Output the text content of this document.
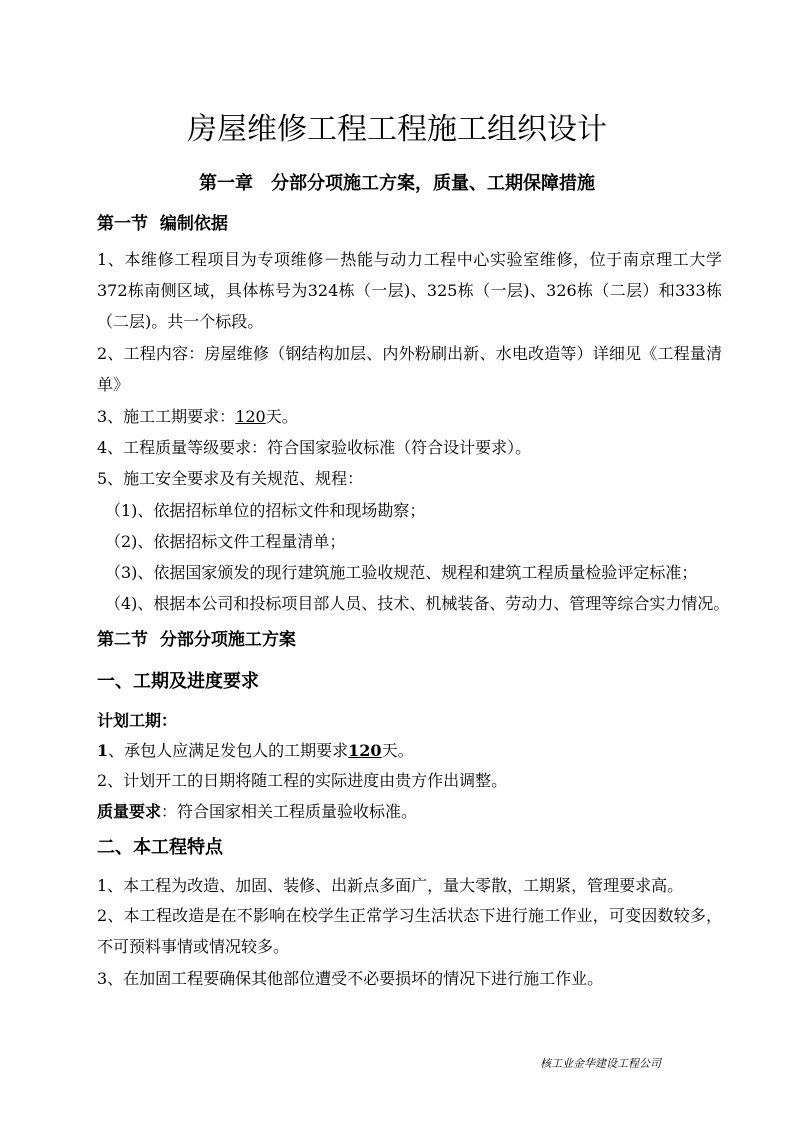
房屋维修工程工程施工组织设计
第一章　分部分项施工方案，质量、工期保障措施
第一节  编制依据
1、本维修工程项目为专项维修－热能与动力工程中心实验室维修，位于南京理工大学372栋南侧区域，具体栋号为324栋（一层)、325栋（一层)、326栋（二层）和333栋（二层)。共一个标段。
2、工程内容：房屋维修（钢结构加层、内外粉刷出新、水电改造等）详细见《工程量清单》
3、施工工期要求：120天。
4、工程质量等级要求：符合国家验收标准（符合设计要求）。
5、施工安全要求及有关规范、规程：
（1)、依据招标单位的招标文件和现场勘察；
（2)、依据招标文件工程量清单；
（3)、依据国家颁发的现行建筑施工验收规范、规程和建筑工程质量检验评定标准；
（4)、根据本公司和投标项目部人员、技术、机械装备、劳动力、管理等综合实力情况。
第二节  分部分项施工方案
一、工期及进度要求
计划工期：
1、承包人应满足发包人的工期要求120天。
2、计划开工的日期将随工程的实际进度由贵方作出调整。
质量要求：符合国家相关工程质量验收标准。
二、本工程特点
1、本工程为改造、加固、装修、出新点多面广，量大零散，工期紧，管理要求高。
2、本工程改造是在不影响在校学生正常学习生活状态下进行施工作业，可变因数较多，不可预料事情或情况较多。
3、在加固工程要确保其他部位遭受不必要损坏的情况下进行施工作业。
核工业金华建设工程公司
